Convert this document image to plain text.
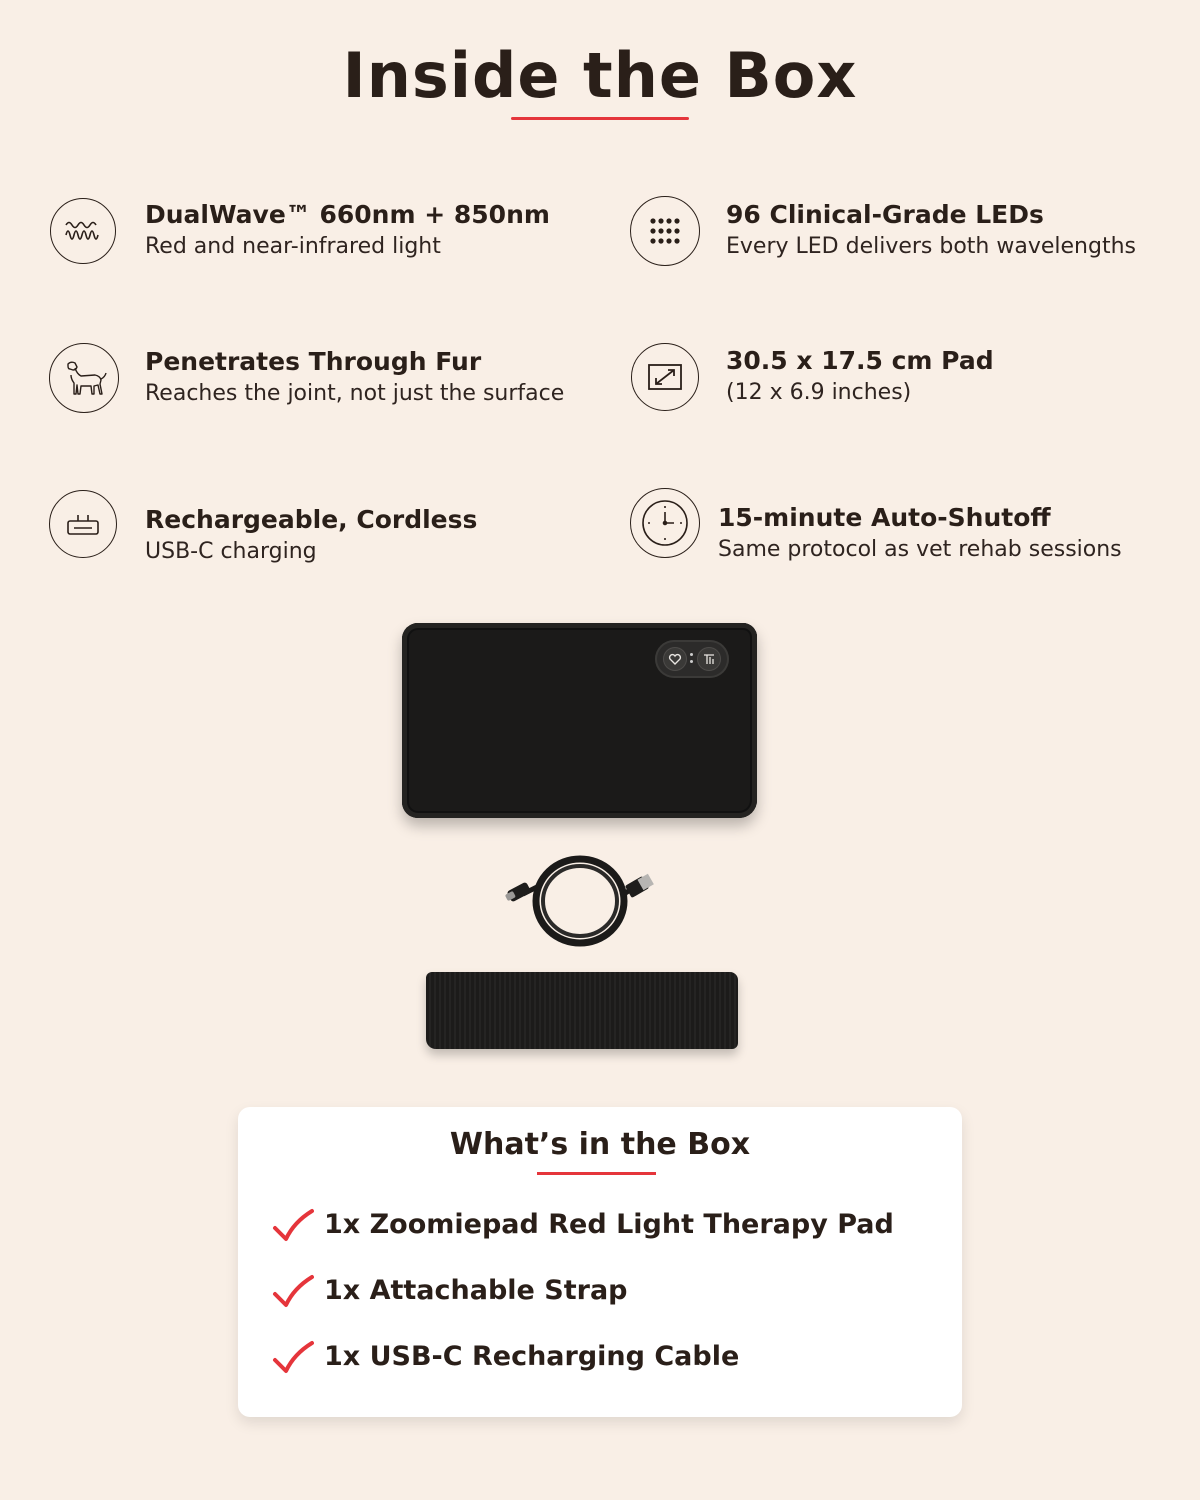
Inside the Box
DualWave™ 660nm + 850nm
Red and near-infrared light
96 Clinical-Grade LEDs
Every LED delivers both wavelengths
Penetrates Through Fur
Reaches the joint, not just the surface
30.5 x 17.5 cm Pad
(12 x 6.9 inches)
Rechargeable, Cordless
USB-C charging
15-minute Auto-Shutoff
Same protocol as vet rehab sessions
What’s in the Box
1x Zoomiepad Red Light Therapy Pad
1x Attachable Strap
1x USB-C Recharging Cable
